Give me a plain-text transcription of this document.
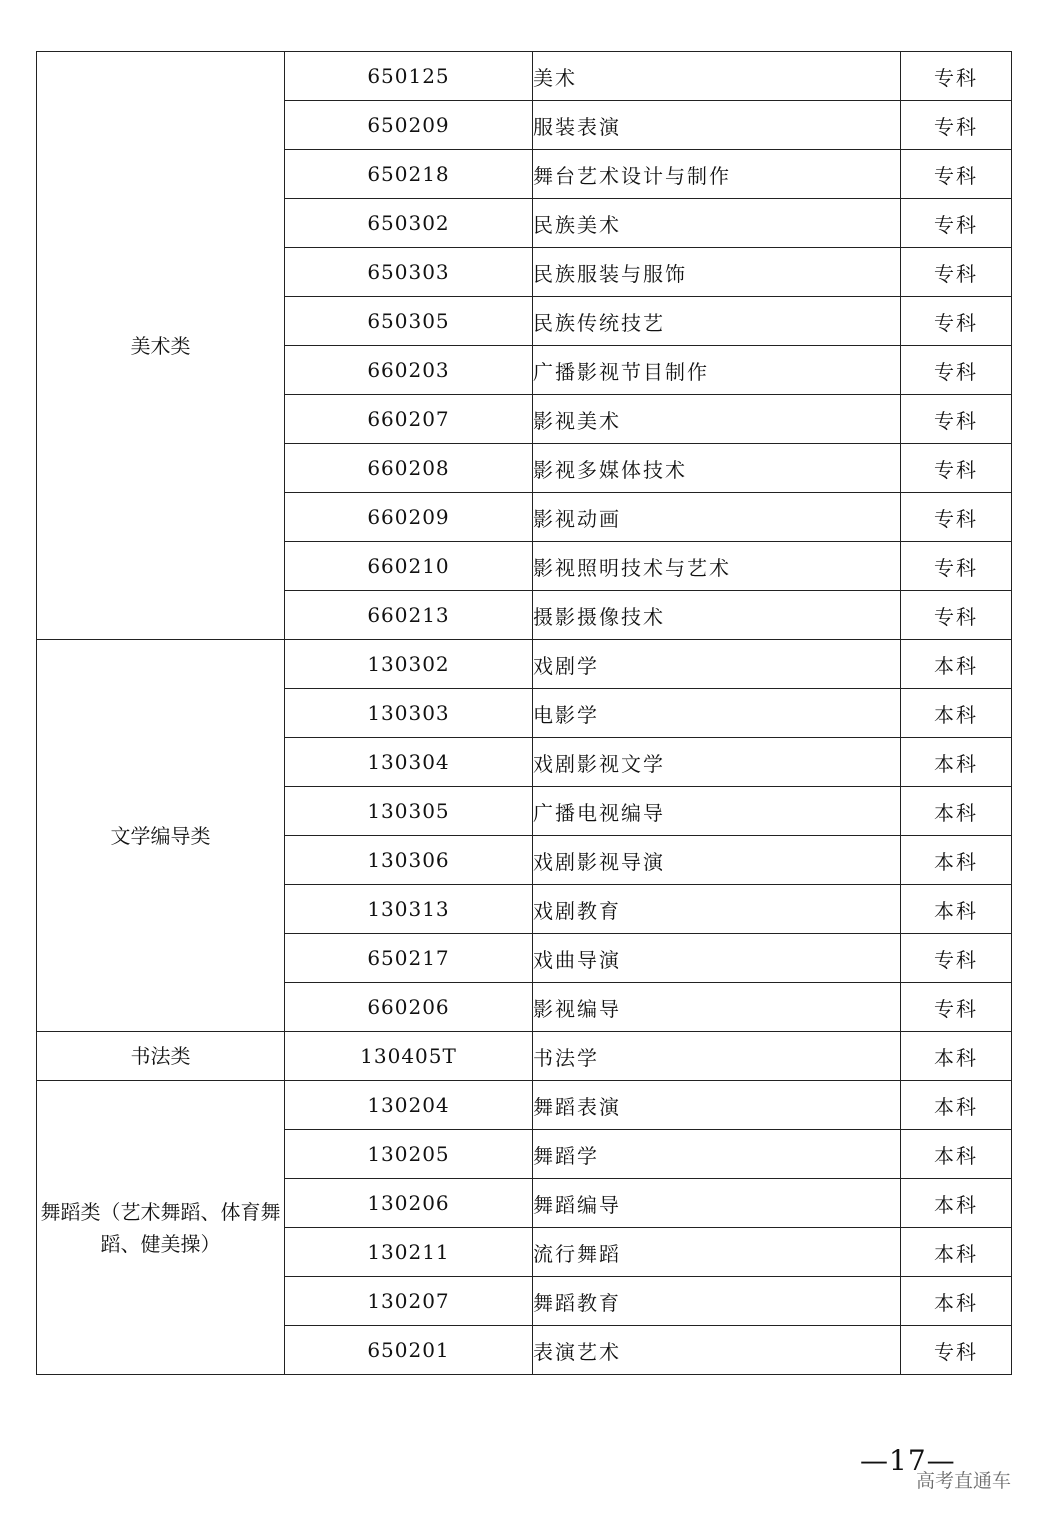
美术类	650125	美术	专科
	650209	服装表演	专科
	650218	舞台艺术设计与制作	专科
	650302	民族美术	专科
	650303	民族服装与服饰	专科
	650305	民族传统技艺	专科
	660203	广播影视节目制作	专科
	660207	影视美术	专科
	660208	影视多媒体技术	专科
	660209	影视动画	专科
	660210	影视照明技术与艺术	专科
	660213	摄影摄像技术	专科
文学编导类	130302	戏剧学	本科
	130303	电影学	本科
	130304	戏剧影视文学	本科
	130305	广播电视编导	本科
	130306	戏剧影视导演	本科
	130313	戏剧教育	本科
	650217	戏曲导演	专科
	660206	影视编导	专科
书法类	130405T	书法学	本科
舞蹈类（艺术舞蹈、体育舞蹈、健美操）	130204	舞蹈表演	本科
	130205	舞蹈学	本科
	130206	舞蹈编导	本科
	130211	流行舞蹈	本科
	130207	舞蹈教育	本科
	650201	表演艺术	专科
—17—
高考直通车
